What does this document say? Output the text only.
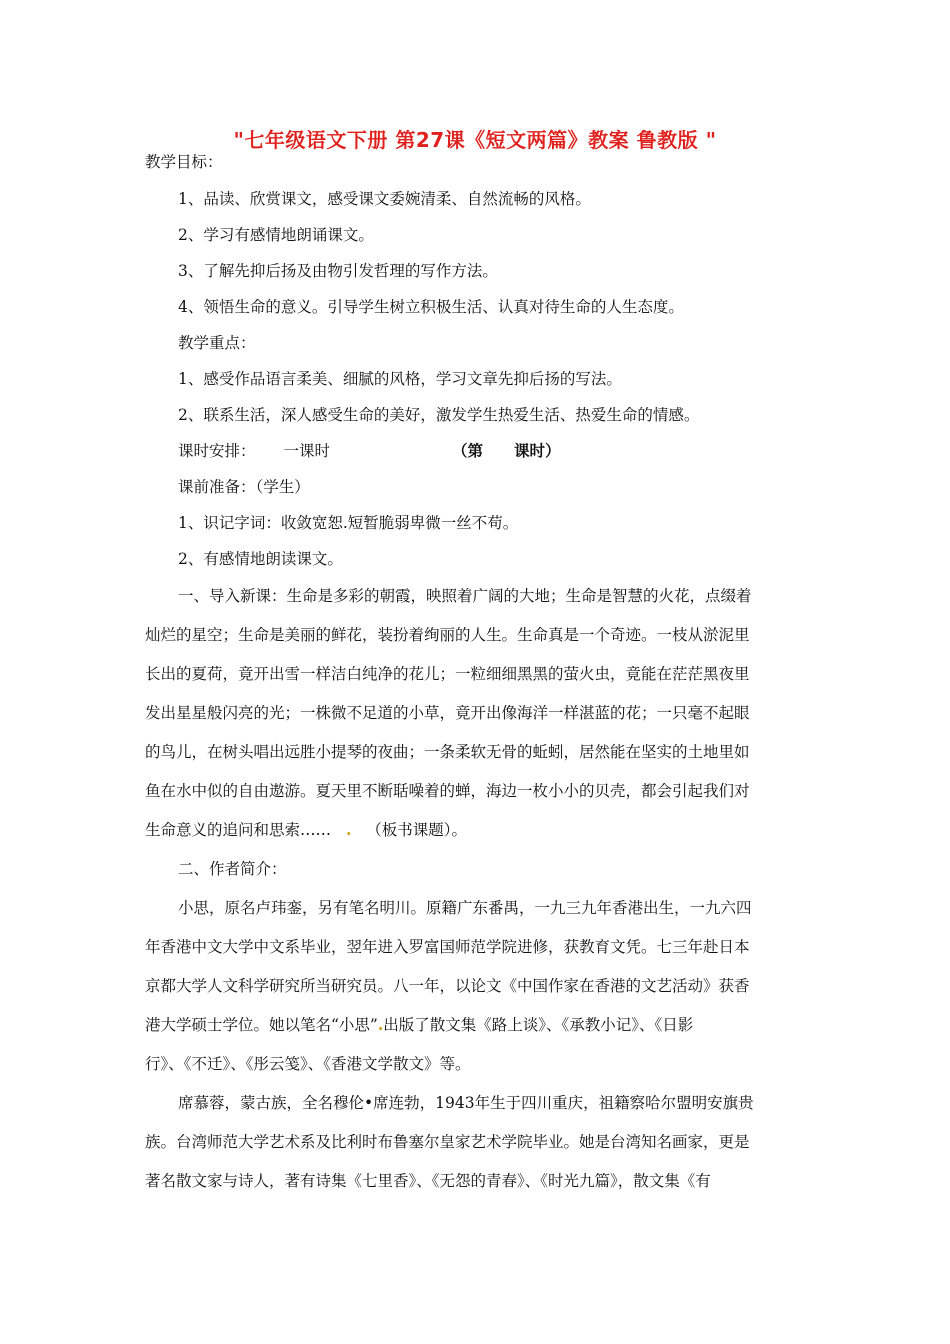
"七年级语文下册 第27课《短文两篇》教案 鲁教版 "
教学目标：
1、品读、欣赏课文，感受课文委婉清柔、自然流畅的风格。
2、学习有感情地朗诵课文。
3、了解先抑后扬及由物引发哲理的写作方法。
4、领悟生命的意义。引导学生树立积极生活、认真对待生命的人生态度。
教学重点：
1、感受作品语言柔美、细腻的风格，学习文章先抑后扬的写法。
2、联系生活，深人感受生命的美好，激发学生热爱生活、热爱生命的情感。
课时安排： 一课时	（第　　课时）
课前准备：（学生）
1、识记字词：收敛宽恕.短暂脆弱卑微一丝不苟。
2、有感情地朗读课文。
一、导入新课：生命是多彩的朝霞，映照着广阔的大地；生命是智慧的火花，点缀着
灿烂的星空；生命是美丽的鲜花，装扮着绚丽的人生。生命真是一个奇迹。一枝从淤泥里
长出的夏荷，竟开出雪一样洁白纯净的花儿；一粒细细黑黑的萤火虫，竟能在茫茫黑夜里
发出星星般闪亮的光；一株微不足道的小草，竟开出像海洋一样湛蓝的花；一只毫不起眼
的鸟儿，在树头唱出远胜小提琴的夜曲；一条柔软无骨的蚯蚓，居然能在坚实的土地里如
鱼在水中似的自由遨游。夏天里不断聒噪着的蝉，海边一枚小小的贝壳，都会引起我们对
生命意义的追问和思索…… . （板书课题）。
二、作者简介：
小思，原名卢玮銮，另有笔名明川。原籍广东番禺，一九三九年香港出生，一九六四
年香港中文大学中文系毕业，翌年进入罗富国师范学院进修，获教育文凭。七三年赴日本
京都大学人文科学研究所当研究员。八一年，以论文《中国作家在香港的文艺活动》获香
港大学硕士学位。她以笔名“小思”.出版了散文集《路上谈》、《承教小记》、《日影
行》、《不迁》、《彤云笺》、《香港文学散文》等。
席慕蓉，蒙古族，全名穆伦•席连勃，1943年生于四川重庆，祖籍察哈尔盟明安旗贵
族。台湾师范大学艺术系及比利时布鲁塞尔皇家艺术学院毕业。她是台湾知名画家，更是
著名散文家与诗人，著有诗集《七里香》、《无怨的青春》、《时光九篇》，散文集《有
